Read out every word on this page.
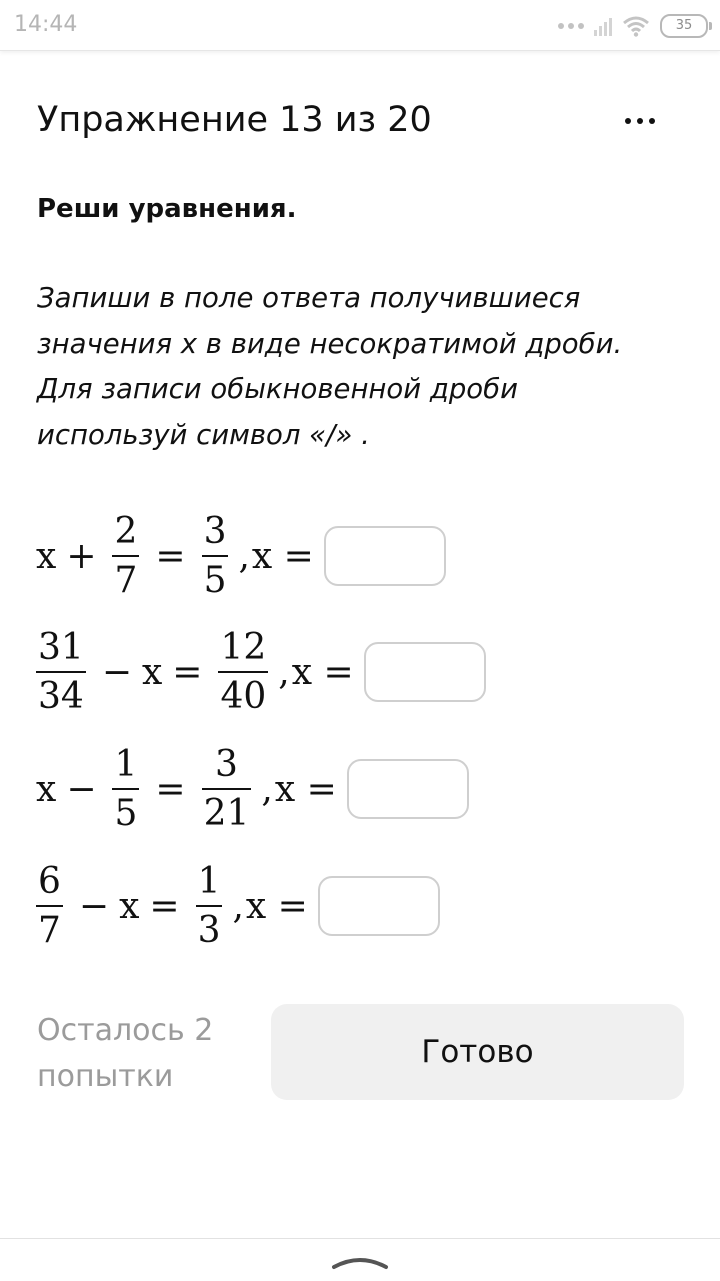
14:44	35
Упражнение 13 из 20
Реши уравнения.
Запиши в поле ответа получившиеся значения x в виде несократимой дроби. Для записи обыкновенной дроби используй символ «/» .
$x + \frac{2}{7} = \frac{3}{5}$ , x =
$\frac{31}{34} - x = \frac{12}{40}$ , x =
$x - \frac{1}{5} = \frac{3}{21}$ , x =
$\frac{6}{7} - x = \frac{1}{3}$ , x =
Осталось 2 попытки
Готово
